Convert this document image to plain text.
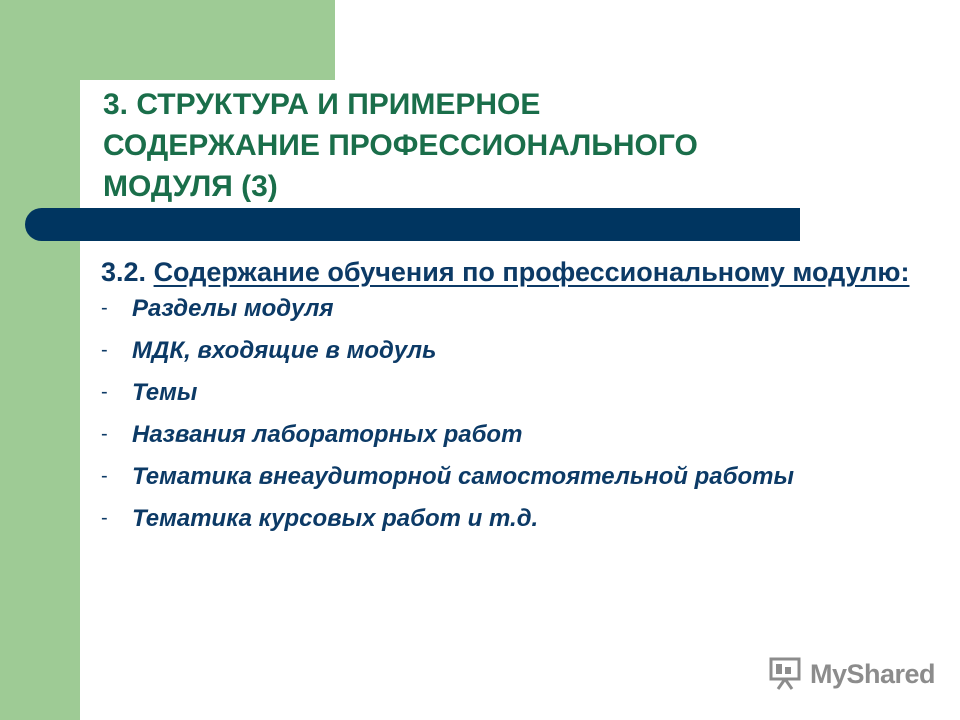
3. СТРУКТУРА И ПРИМЕРНОЕ
СОДЕРЖАНИЕ ПРОФЕССИОНАЛЬНОГО
МОДУЛЯ (3)

3.2. Содержание обучения по профессиональному модулю:

- Разделы модуля
- МДК, входящие в модуль
- Темы
- Названия лабораторных работ
- Тематика внеаудиторной самостоятельной работы
- Тематика курсовых работ и т.д.
MyShared
